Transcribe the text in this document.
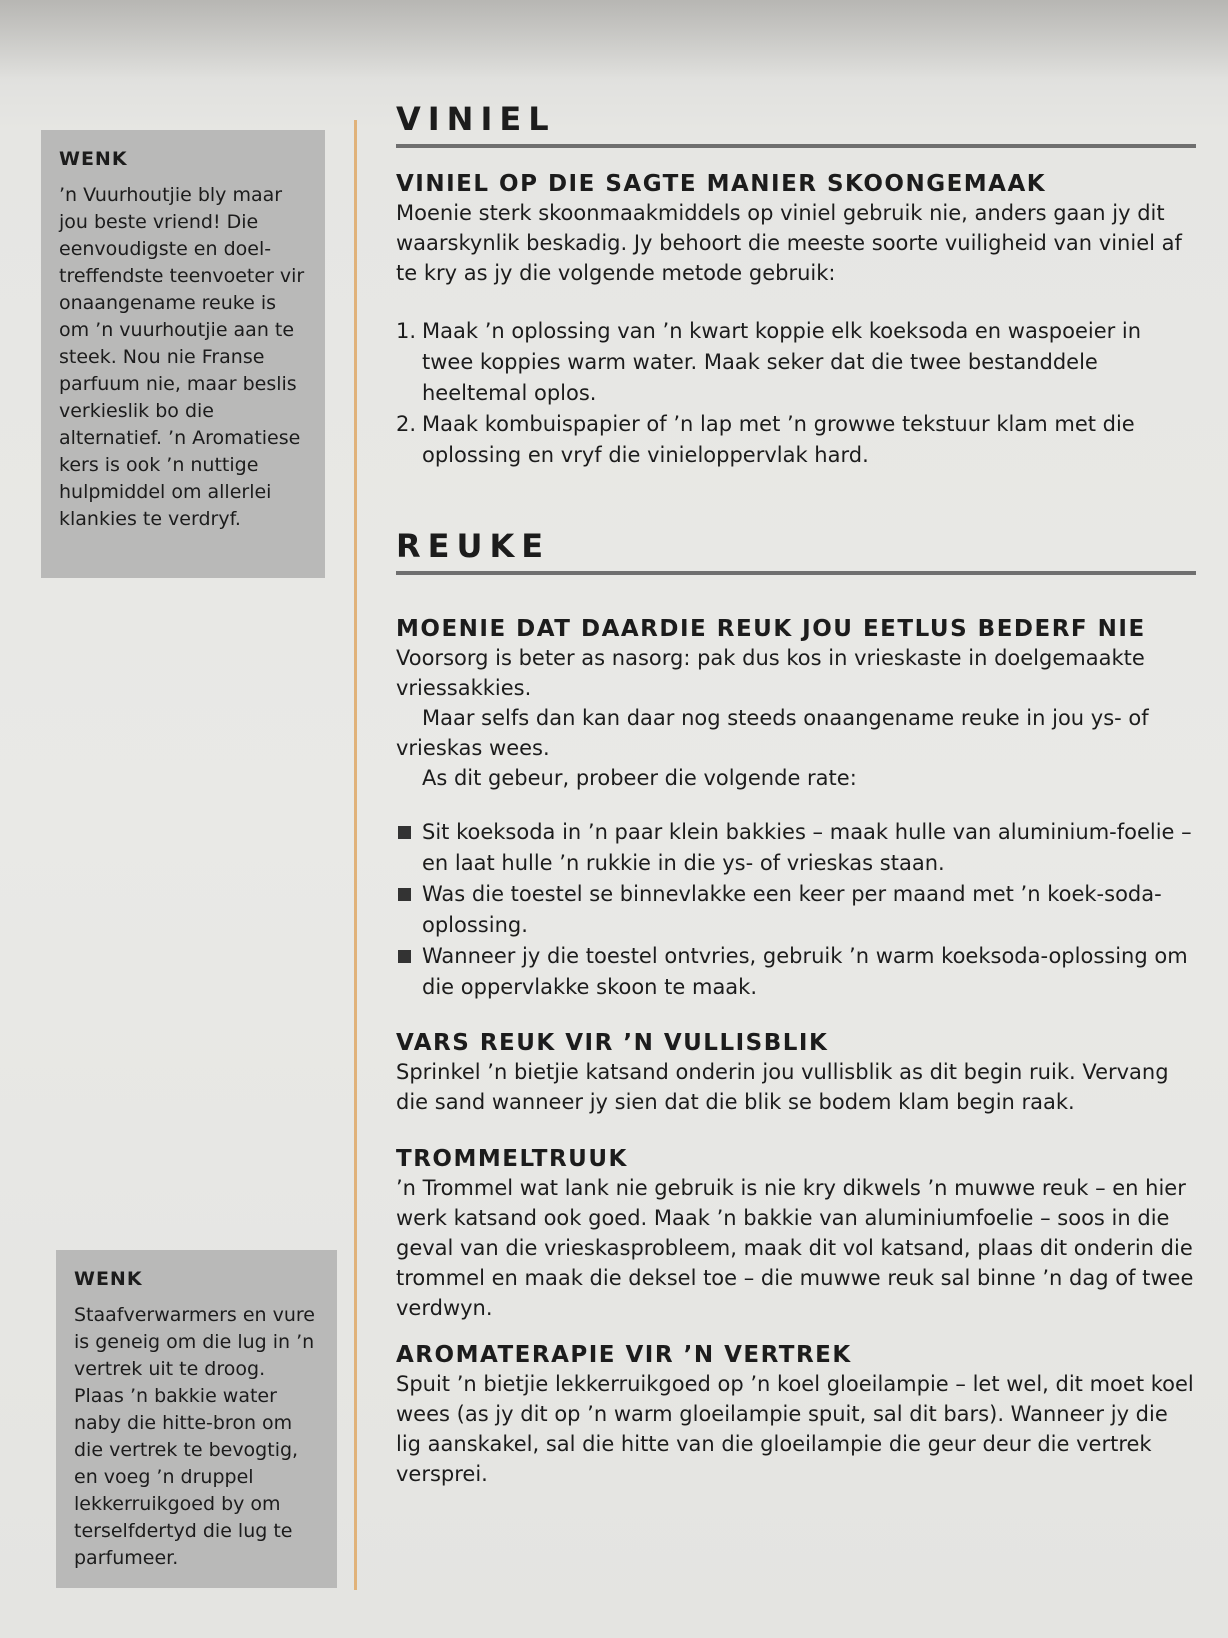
WENK

’n Vuurhoutjie bly maar jou beste vriend! Die eenvoudigste en doel-treffendste teenvoeter vir onaangename reuke is om ’n vuurhoutjie aan te steek. Nou nie Franse parfuum nie, maar beslis verkieslik bo die alternatief. ’n Aromatiese kers is ook ’n nuttige hulpmiddel om allerlei klankies te verdryf.

WENK

Staafverwarmers en vure is geneig om die lug in ’n vertrek uit te droog. Plaas ’n bakkie water naby die hitte-bron om die vertrek te bevogtig, en voeg ’n druppel lekkerruikgoed by om terselfdertyd die lug te parfumeer.

VINIEL
VINIEL OP DIE SAGTE MANIER SKOONGEMAAK

Moenie sterk skoonmaakmiddels op viniel gebruik nie, anders gaan jy dit waarskynlik beskadig. Jy behoort die meeste soorte vuiligheid van viniel af te kry as jy die volgende metode gebruik:

1. Maak ’n oplossing van ’n kwart koppie elk koeksoda en waspoeier in twee koppies warm water. Maak seker dat die twee bestanddele heeltemal oplos.
2. Maak kombuispapier of ’n lap met ’n growwe tekstuur klam met die oplossing en vryf die vinieloppervlak hard.
REUKE
MOENIE DAT DAARDIE REUK JOU EETLUS BEDERF NIE

Voorsorg is beter as nasorg: pak dus kos in vrieskaste in doelgemaakte vriessakkies.

Maar selfs dan kan daar nog steeds onaangename reuke in jou ys- of vrieskas wees.

As dit gebeur, probeer die volgende rate:

Sit koeksoda in ’n paar klein bakkies – maak hulle van aluminium-foelie – en laat hulle ’n rukkie in die ys- of vrieskas staan.
Was die toestel se binnevlakke een keer per maand met ’n koek-soda-oplossing.
Wanneer jy die toestel ontvries, gebruik ’n warm koeksoda-oplossing om die oppervlakke skoon te maak.
VARS REUK VIR ’N VULLISBLIK

Sprinkel ’n bietjie katsand onderin jou vullisblik as dit begin ruik. Vervang die sand wanneer jy sien dat die blik se bodem klam begin raak.

TROMMELTRUUK

’n Trommel wat lank nie gebruik is nie kry dikwels ’n muwwe reuk – en hier werk katsand ook goed. Maak ’n bakkie van aluminiumfoelie – soos in die geval van die vrieskasprobleem, maak dit vol katsand, plaas dit onderin die trommel en maak die deksel toe – die muwwe reuk sal binne ’n dag of twee verdwyn.

AROMATERAPIE VIR ’N VERTREK

Spuit ’n bietjie lekkerruikgoed op ’n koel gloeilampie – let wel, dit moet koel wees (as jy dit op ’n warm gloeilampie spuit, sal dit bars). Wanneer jy die lig aanskakel, sal die hitte van die gloeilampie die geur deur die vertrek versprei.
